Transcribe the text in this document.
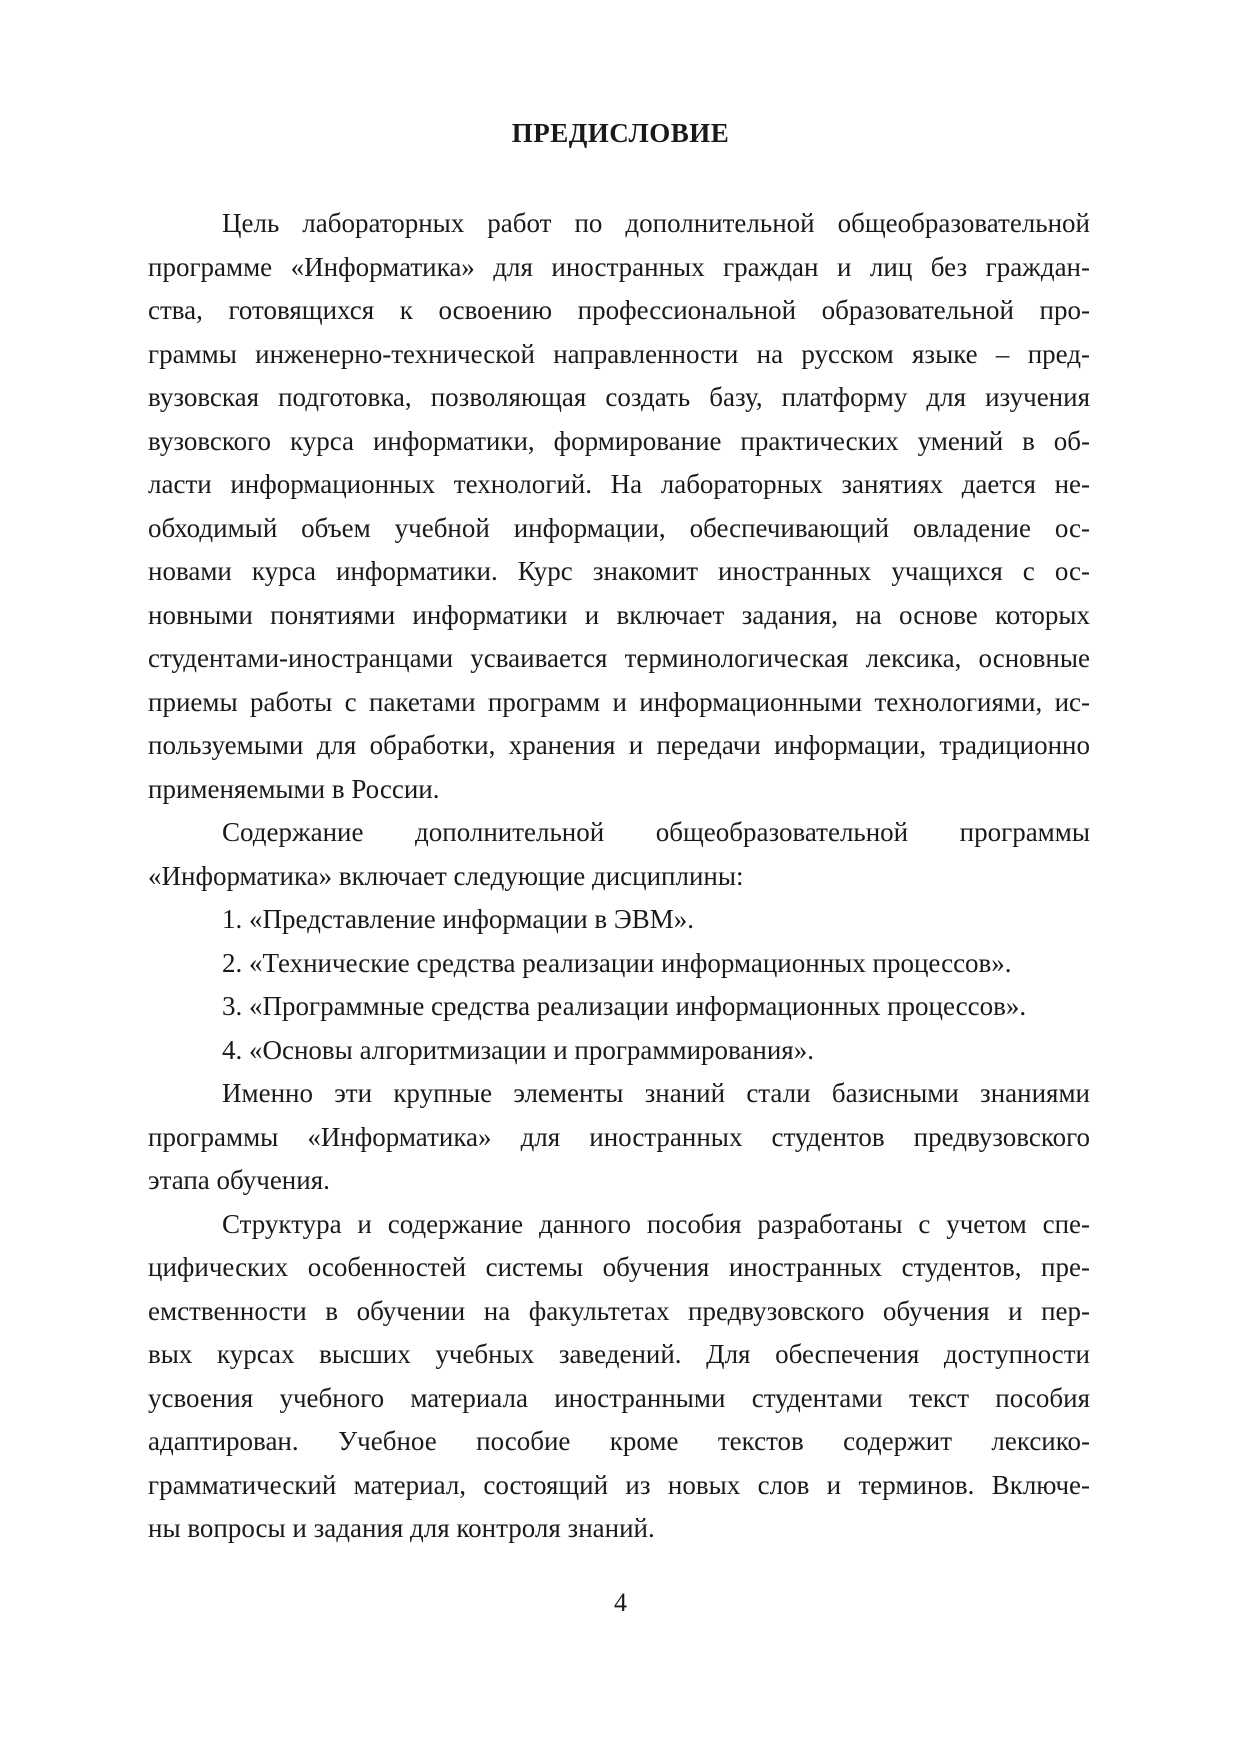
ПРЕДИСЛОВИЕ
Цель лабораторных работ по дополнительной общеобразовательной
программе «Информатика» для иностранных граждан и лиц без граждан-
ства, готовящихся к освоению профессиональной образовательной про-
граммы инженерно-технической направленности на русском языке – пред-
вузовская подготовка, позволяющая создать базу, платформу для изучения
вузовского курса информатики, формирование практических умений в об-
ласти информационных технологий. На лабораторных занятиях дается не-
обходимый объем учебной информации, обеспечивающий овладение ос-
новами курса информатики. Курс знакомит иностранных учащихся с ос-
новными понятиями информатики и включает задания, на основе которых
студентами-иностранцами усваивается терминологическая лексика, основные
приемы работы с пакетами программ и информационными технологиями, ис-
пользуемыми для обработки, хранения и передачи информации, традиционно
применяемыми в России.
Содержание дополнительной общеобразовательной программы
«Информатика» включает следующие дисциплины:
1. «Представление информации в ЭВМ».
2. «Технические средства реализации информационных процессов».
3. «Программные средства реализации информационных процессов».
4. «Основы алгоритмизации и программирования».
Именно эти крупные элементы знаний стали базисными знаниями
программы «Информатика» для иностранных студентов предвузовского
этапа обучения.
Структура и содержание данного пособия разработаны с учетом спе-
цифических особенностей системы обучения иностранных студентов, пре-
емственности в обучении на факультетах предвузовского обучения и пер-
вых курсах высших учебных заведений. Для обеспечения доступности
усвоения учебного материала иностранными студентами текст пособия
адаптирован. Учебное пособие кроме текстов содержит лексико-
грамматический материал, состоящий из новых слов и терминов. Включе-
ны вопросы и задания для контроля знаний.
4
